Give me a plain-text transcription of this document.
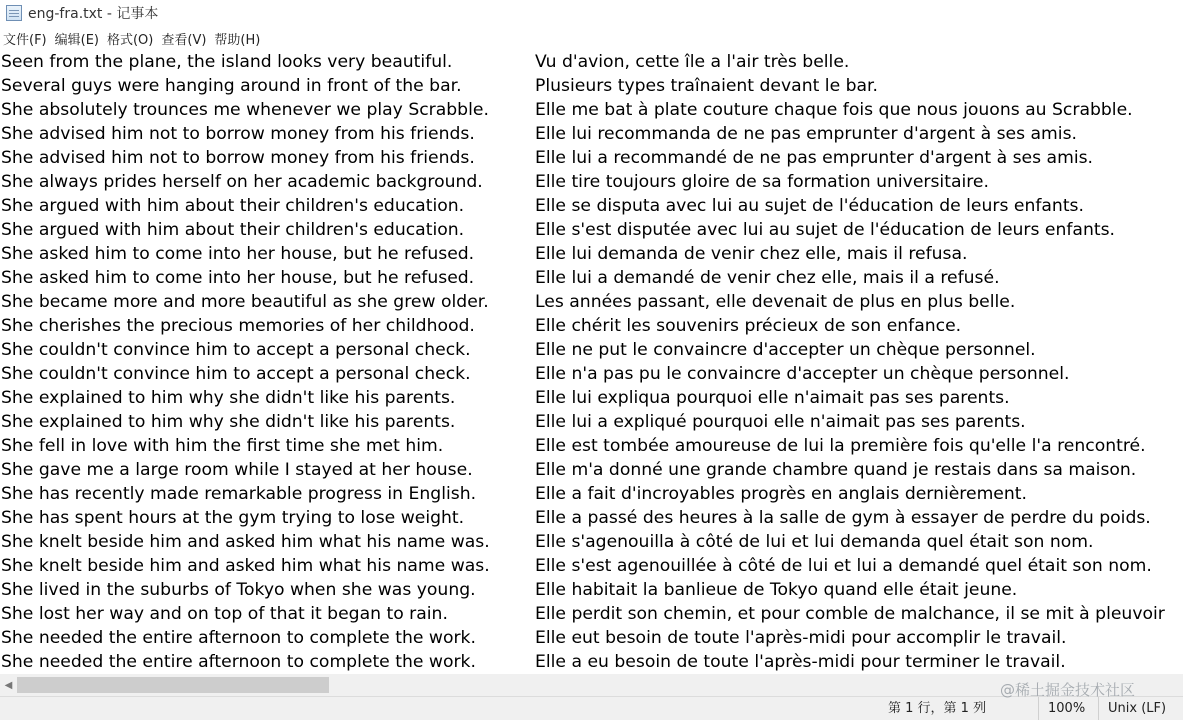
eng-fra.txt - 记事本
文件(F) 编辑(E) 格式(O) 查看(V) 帮助(H)
Seen from the plane, the island looks very beautiful.	Vu d'avion, cette île a l'air très belle.
Several guys were hanging around in front of the bar.	Plusieurs types traînaient devant le bar.
She absolutely trounces me whenever we play Scrabble.	Elle me bat à plate couture chaque fois que nous jouons au Scrabble.
She advised him not to borrow money from his friends.	Elle lui recommanda de ne pas emprunter d'argent à ses amis.
She advised him not to borrow money from his friends.	Elle lui a recommandé de ne pas emprunter d'argent à ses amis.
She always prides herself on her academic background.	Elle tire toujours gloire de sa formation universitaire.
She argued with him about their children's education.	Elle se disputa avec lui au sujet de l'éducation de leurs enfants.
She argued with him about their children's education.	Elle s'est disputée avec lui au sujet de l'éducation de leurs enfants.
She asked him to come into her house, but he refused.	Elle lui demanda de venir chez elle, mais il refusa.
She asked him to come into her house, but he refused.	Elle lui a demandé de venir chez elle, mais il a refusé.
She became more and more beautiful as she grew older.	Les années passant, elle devenait de plus en plus belle.
She cherishes the precious memories of her childhood.	Elle chérit les souvenirs précieux de son enfance.
She couldn't convince him to accept a personal check.	Elle ne put le convaincre d'accepter un chèque personnel.
She couldn't convince him to accept a personal check.	Elle n'a pas pu le convaincre d'accepter un chèque personnel.
She explained to him why she didn't like his parents.	Elle lui expliqua pourquoi elle n'aimait pas ses parents.
She explained to him why she didn't like his parents.	Elle lui a expliqué pourquoi elle n'aimait pas ses parents.
She fell in love with him the first time she met him.	Elle est tombée amoureuse de lui la première fois qu'elle l'a rencontré.
She gave me a large room while I stayed at her house.	Elle m'a donné une grande chambre quand je restais dans sa maison.
She has recently made remarkable progress in English.	Elle a fait d'incroyables progrès en anglais dernièrement.
She has spent hours at the gym trying to lose weight.	Elle a passé des heures à la salle de gym à essayer de perdre du poids.
She knelt beside him and asked him what his name was.	Elle s'agenouilla à côté de lui et lui demanda quel était son nom.
She knelt beside him and asked him what his name was.	Elle s'est agenouillée à côté de lui et lui a demandé quel était son nom.
She lived in the suburbs of Tokyo when she was young.	Elle habitait la banlieue de Tokyo quand elle était jeune.
She lost her way and on top of that it began to rain.	Elle perdit son chemin, et pour comble de malchance, il se mit à pleuvoir
She needed the entire afternoon to complete the work.	Elle eut besoin de toute l'après-midi pour accomplir le travail.
She needed the entire afternoon to complete the work.	Elle a eu besoin de toute l'après-midi pour terminer le travail.
◀
第 1 行，第 1 列	100%	Unix (LF)
@稀土掘金技术社区
